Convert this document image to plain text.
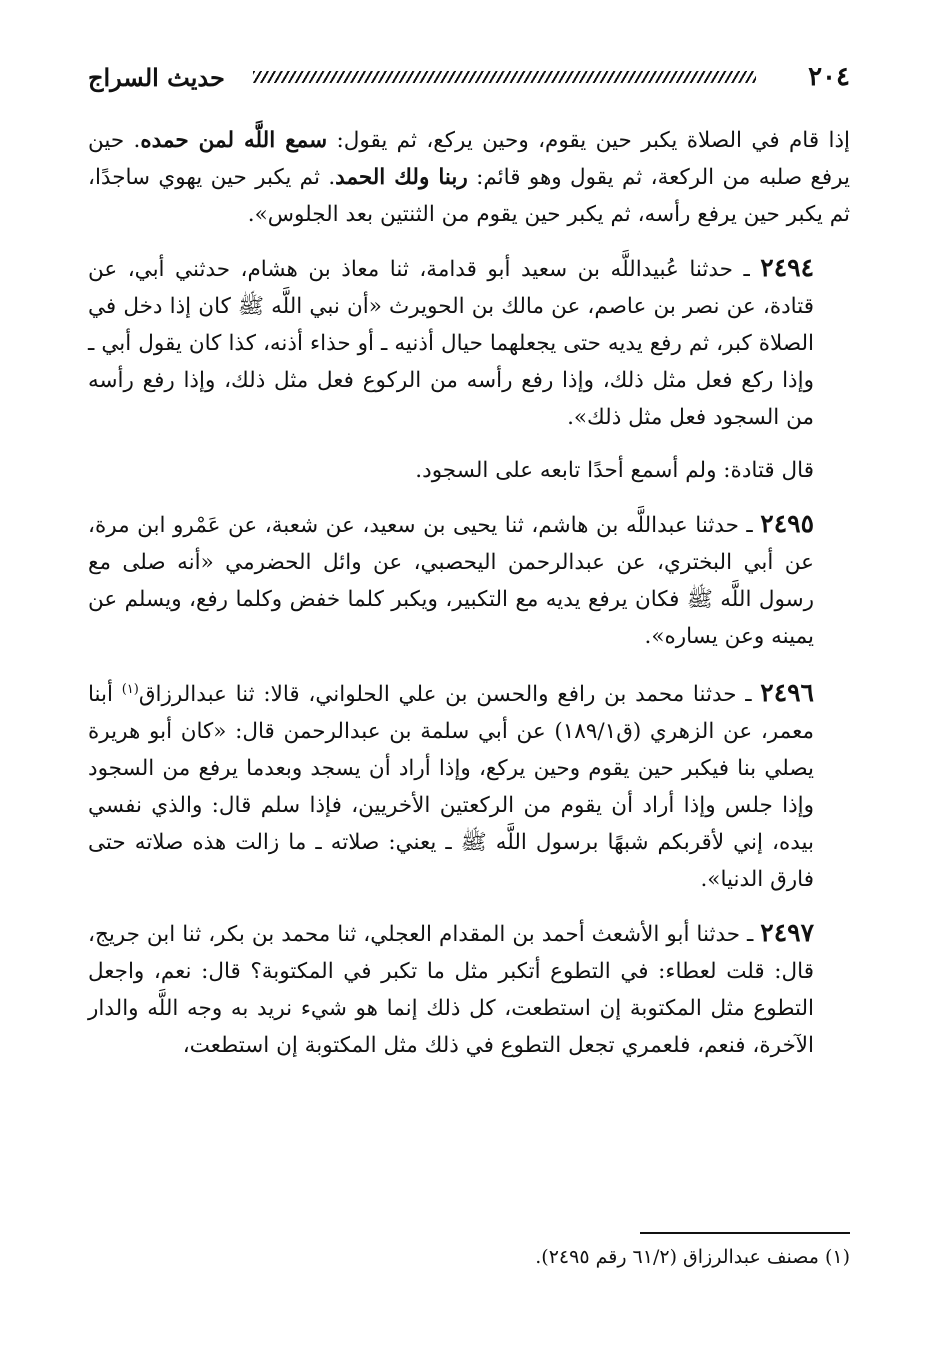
٢٠٤
حديث السراج

إذا قام في الصلاة يكبر حين يقوم، وحين يركع، ثم يقول: سمع اللَّه لمن حمده. حين يرفع صلبه من الركعة، ثم يقول وهو قائم: ربنا ولك الحمد. ثم يكبر حين يهوي ساجدًا، ثم يكبر حين يرفع رأسه، ثم يكبر حين يقوم من الثنتين بعد الجلوس».

٢٤٩٤ ـ حدثنا عُبيداللَّه بن سعيد أبو قدامة، ثنا معاذ بن هشام، حدثني أبي، عن قتادة، عن نصر بن عاصم، عن مالك بن الحويرث «أن نبي اللَّه ﷺ كان إذا دخل في الصلاة كبر، ثم رفع يديه حتى يجعلهما حيال أذنيه ـ أو حذاء أذنه، كذا كان يقول أبي ـ وإذا ركع فعل مثل ذلك، وإذا رفع رأسه من الركوع فعل مثل ذلك، وإذا رفع رأسه من السجود فعل مثل ذلك».

قال قتادة: ولم أسمع أحدًا تابعه على السجود.

٢٤٩٥ ـ حدثنا عبداللَّه بن هاشم، ثنا يحيى بن سعيد، عن شعبة، عن عَمْرو ابن مرة، عن أبي البختري، عن عبدالرحمن اليحصبي، عن وائل الحضرمي «أنه صلى مع رسول اللَّه ﷺ فكان يرفع يديه مع التكبير، ويكبر كلما خفض وكلما رفع، ويسلم عن يمينه وعن يساره».

٢٤٩٦ ـ حدثنا محمد بن رافع والحسن بن علي الحلواني، قالا: ثنا عبدالرزاق$^{(١)}$ أبنا معمر، عن الزهري (ق١٨٩/١) عن أبي سلمة بن عبدالرحمن قال: «كان أبو هريرة يصلي بنا فيكبر حين يقوم وحين يركع، وإذا أراد أن يسجد وبعدما يرفع من السجود وإذا جلس وإذا أراد أن يقوم من الركعتين الأخريين، فإذا سلم قال: والذي نفسي بيده، إني لأقربكم شبهًا برسول اللَّه ﷺ ـ يعني: صلاته ـ ما زالت هذه صلاته حتى فارق الدنيا».

٢٤٩٧ ـ حدثنا أبو الأشعث أحمد بن المقدام العجلي، ثنا محمد بن بكر، ثنا ابن جريج، قال: قلت لعطاء: في التطوع أتكبر مثل ما تكبر في المكتوبة؟ قال: نعم، واجعل التطوع مثل المكتوبة إن استطعت، كل ذلك إنما هو شيء نريد به وجه اللَّه والدار الآخرة، فنعم، فلعمري تجعل التطوع في ذلك مثل المكتوبة إن استطعت،

(١) مصنف عبدالرزاق (٦١/٢ رقم ٢٤٩٥).
